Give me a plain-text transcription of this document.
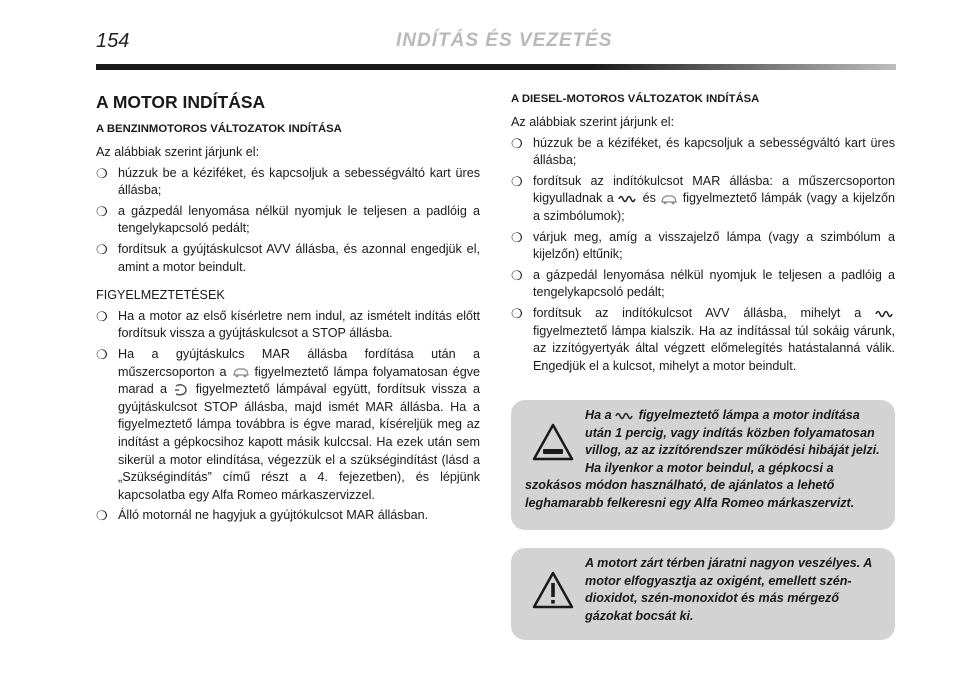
154	INDÍTÁS ÉS VEZETÉS
A MOTOR INDÍTÁSA
A BENZINMOTOROS VÁLTOZATOK INDÍTÁSA
Az alábbiak szerint járjunk el:
❍ húzzuk be a kéziféket, és kapcsoljuk a sebességváltó kart üres állásba;
❍ a gázpedál lenyomása nélkül nyomjuk le teljesen a padlóig a tengelykapcsoló pedált;
❍ fordítsuk a gyújtáskulcsot AVV állásba, és azonnal engedjük el, amint a motor beindult.
FIGYELMEZTETÉSEK
❍ Ha a motor az első kísérletre nem indul, az ismételt indítás előtt fordítsuk vissza a gyújtáskulcsot a STOP állásba.
❍ Ha a gyújtáskulcs MAR állásba fordítása után a műszercsoporton a figyelmeztető lámpa folyamatosan égve marad a figyelmeztető lámpával együtt, fordítsuk vissza a gyújtáskulcsot STOP állásba, majd ismét MAR állásba. Ha a figyelmeztető lámpa továbbra is égve marad, kíséreljük meg az indítást a gépkocsihoz kapott másik kulccsal. Ha ezek után sem sikerül a motor elindítása, végezzük el a szükségindítást (lásd a „Szükségindítás” című részt a 4. fejezetben), és lépjünk kapcsolatba egy Alfa Romeo márkaszervizzel.
❍ Álló motornál ne hagyjuk a gyújtókulcsot MAR állásban.
A DIESEL-MOTOROS VÁLTOZATOK INDÍTÁSA
Az alábbiak szerint járjunk el:
❍ húzzuk be a kéziféket, és kapcsoljuk a sebességváltó kart üres állásba;
❍ fordítsuk az indítókulcsot MAR állásba: a műszercsoporton kigyulladnak a és figyelmeztető lámpák (vagy a kijelzőn a szimbólumok);
❍ várjuk meg, amíg a visszajelző lámpa (vagy a szimbólum a kijelzőn) eltűnik;
❍ a gázpedál lenyomása nélkül nyomjuk le teljesen a padlóig a tengelykapcsoló pedált;
❍ fordítsuk az indítókulcsot AVV állásba, mihelyt a  figyelmeztető lámpa kialszik. Ha az indítással túl sokáig várunk, az izzítógyertyák által végzett előmelegítés hatástalanná válik. Engedjük el a kulcsot, mihelyt a motor beindult.
Ha a figyelmeztető lámpa a motor indítása után 1 percig, vagy indítás közben folyamatosan villog, az az izzítórendszer működési hibáját jelzi. Ha ilyenkor a motor beindul, a gépkocsi a szokásos módon használható, de ajánlatos a lehető leghamarabb felkeresni egy Alfa Romeo márkaszervizt.
A motort zárt térben járatni nagyon veszélyes. A motor elfogyasztja az oxigént, emellett szén-dioxidot, szén-monoxidot és más mérgező gázokat bocsát ki.
